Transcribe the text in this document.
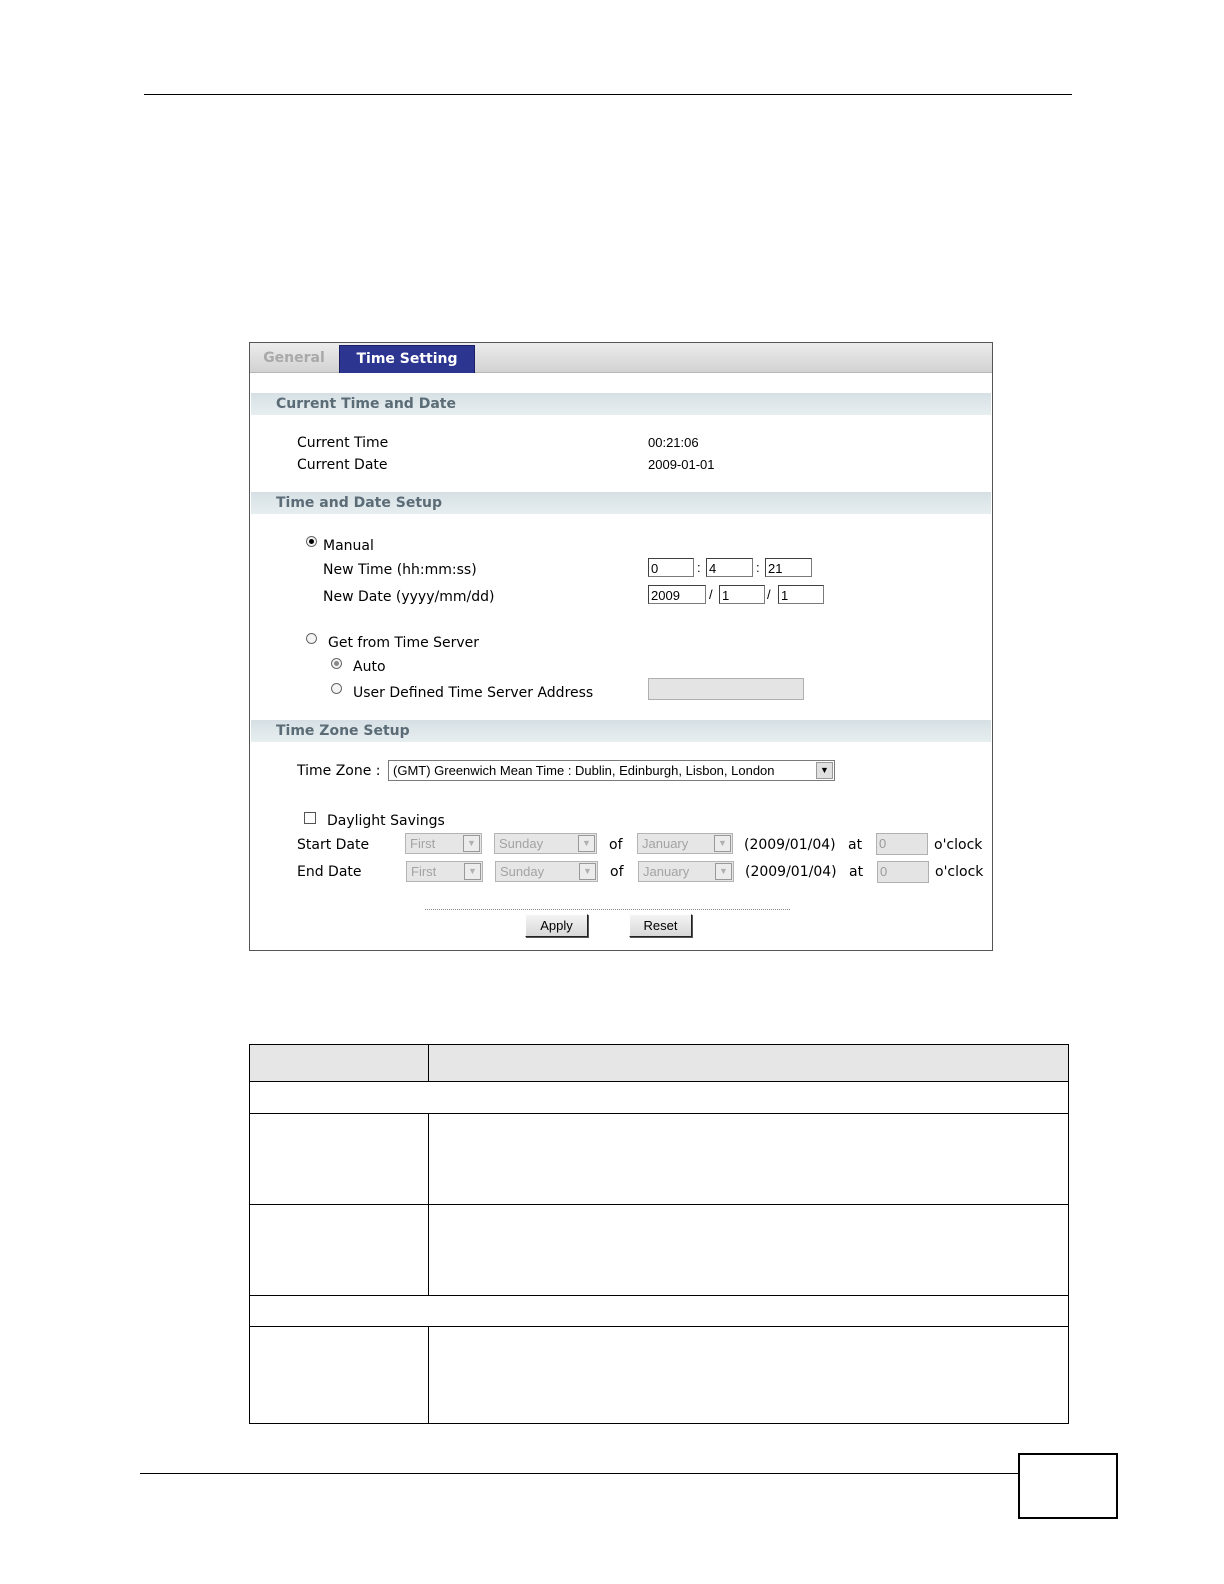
General	Time Setting
Current Time and Date
Current Time	00:21:06
Current Date	2009-01-01
Time and Date Setup
Manual
New Time (hh:mm:ss)	0	: 4	: 21
New Date (yyyy/mm/dd)	2009	/ 1	/ 1
Get from Time Server
Auto
User Defined Time Server Address
Time Zone Setup
Time Zone : (GMT) Greenwich Mean Time : Dublin, Edinburgh, Lisbon, London	▼
Daylight Savings
Start Date	First	▼	Sunday	▼ of	January	▼ (2009/01/04) at 0	o'clock
End Date	First	▼	Sunday	▼ of	January	▼ (2009/01/04) at 0	o'clock
Apply	Reset
